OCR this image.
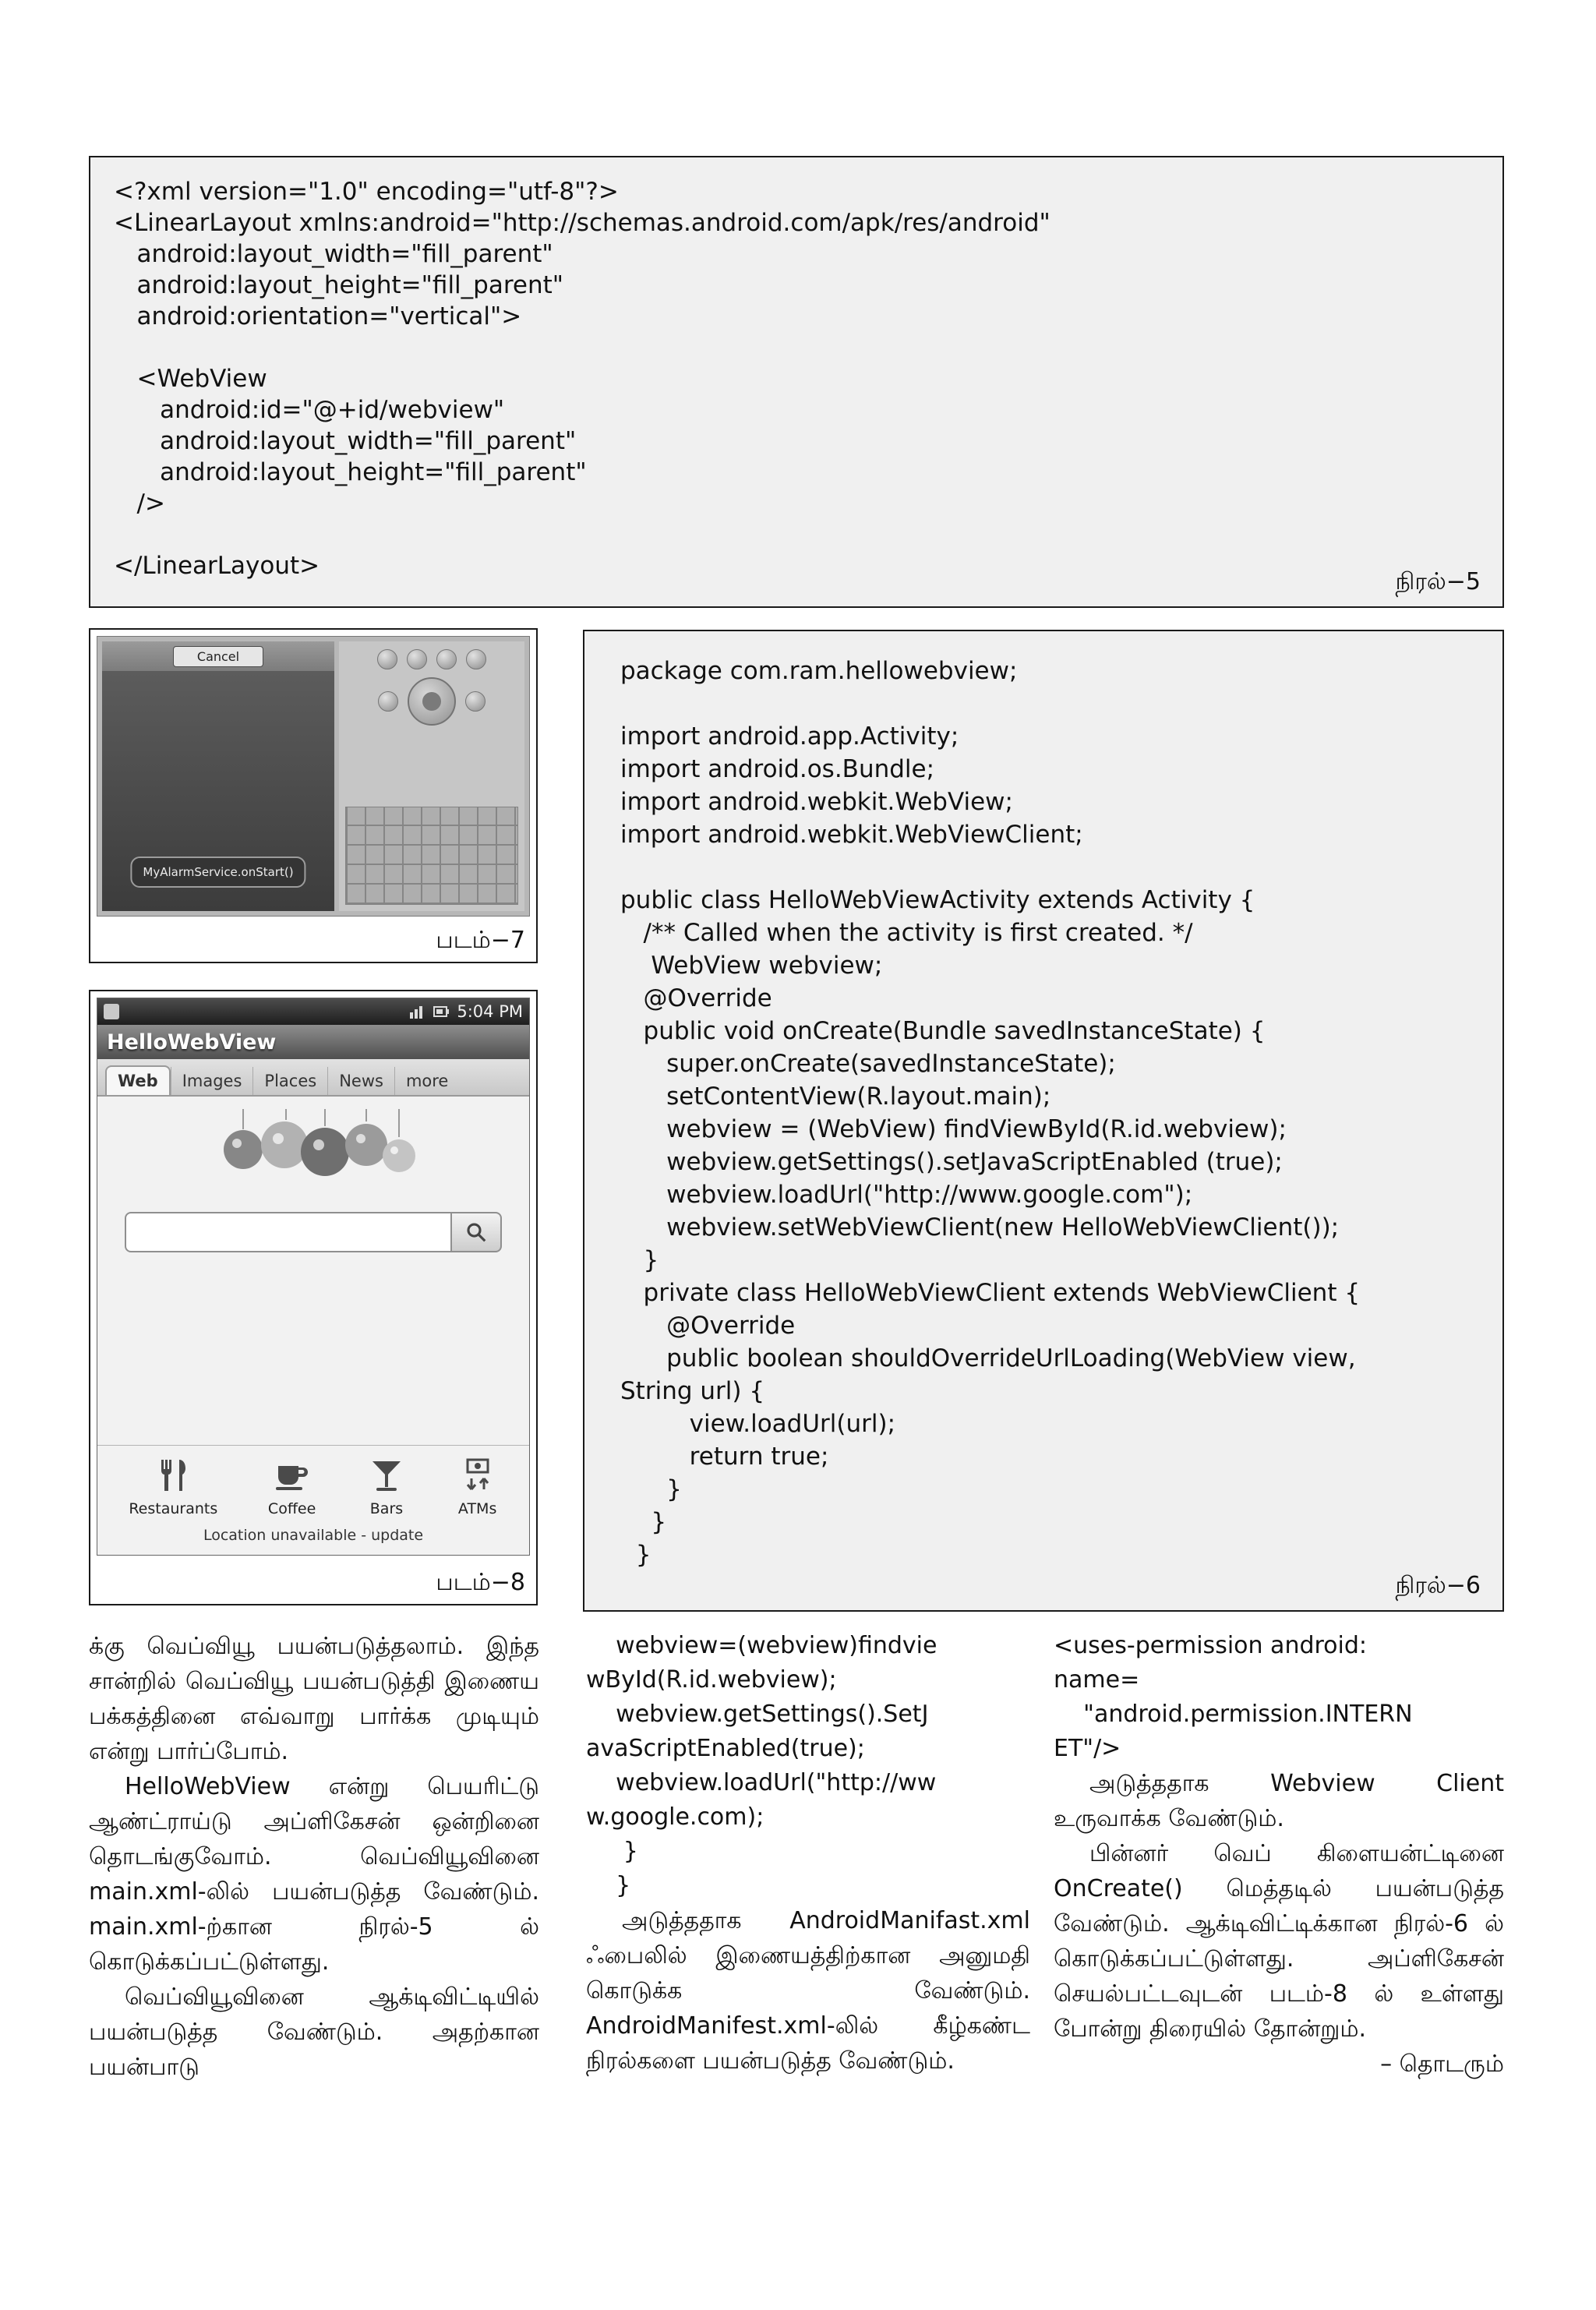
<?xml version="1.0" encoding="utf-8"?>
<LinearLayout xmlns:android="http://schemas.android.com/apk/res/android"
android:layout_width="fill_parent"
android:layout_height="fill_parent"
android:orientation="vertical">

<WebView
android:id="@+id/webview"
android:layout_width="fill_parent"
android:layout_height="fill_parent"
/>

</LinearLayout>
நிரல்−5
Cancel
MyAlarmService.onStart()
படம்−7
5:04 PM
HelloWebView
Web	Images	Places	News	more
Restaurants	Coffee	Bars	ATMs
Location unavailable - update
படம்−8
package com.ram.hellowebview;

import android.app.Activity;
import android.os.Bundle;
import android.webkit.WebView;
import android.webkit.WebViewClient;

public class HelloWebViewActivity extends Activity {
/** Called when the activity is first created. */
WebView webview;
@Override
public void onCreate(Bundle savedInstanceState) {
super.onCreate(savedInstanceState);
setContentView(R.layout.main);
webview = (WebView) findViewById(R.id.webview);
webview.getSettings().setJavaScriptEnabled (true);
webview.loadUrl("http://www.google.com");
webview.setWebViewClient(new HelloWebViewClient());
}
private class HelloWebViewClient extends WebViewClient {
@Override
public boolean shouldOverrideUrlLoading(WebView view,
String url) {
view.loadUrl(url);
return true;
}
}
}
நிரல்−6

க்கு வெப்வியூ பயன்படுத்தலாம். இந்த சான்றில் வெப்வியூ பயன்படுத்தி இணைய பக்கத்தினை எவ்வாறு பார்க்க முடியும் என்று பார்ப்போம்.

HelloWebView என்று பெயரிட்டு ஆண்ட்ராய்டு அப்ளிகேசன் ஒன்றினை தொடங்குவோம். வெப்வியூவினை main.xml-லில் பயன்படுத்த வேண்டும். main.xml-ற்கான நிரல்-5 ல் கொடுக்கப்பட்டுள்ளது.

வெப்வியூவினை ஆக்டிவிட்டியில் பயன்படுத்த வேண்டும். அதற்கான பயன்பாடு

webview=(webview)findvie
wById(R.id.webview);
webview.getSettings().SetJ
avaScriptEnabled(true);
webview.loadUrl("http://ww
w.google.com);
}
}

அடுத்ததாக AndroidManifast.xml ஃபைலில் இணையத்திற்கான அனுமதி கொடுக்க வேண்டும். AndroidManifest.xml-லில் கீழ்கண்ட நிரல்களை பயன்படுத்த வேண்டும்.

<uses-permission android:
name=
"android.permission.INTERN
ET"/>

அடுத்ததாக Webview Client உருவாக்க வேண்டும்.

பின்னர் வெப் கிளையன்ட்டினை OnCreate() மெத்தடில் பயன்படுத்த வேண்டும். ஆக்டிவிட்டிக்கான நிரல்-6 ல் கொடுக்கப்பட்டுள்ளது. அப்ளிகேசன் செயல்பட்டவுடன் படம்-8 ல் உள்ளது போன்று திரையில் தோன்றும்.

– தொடரும்
